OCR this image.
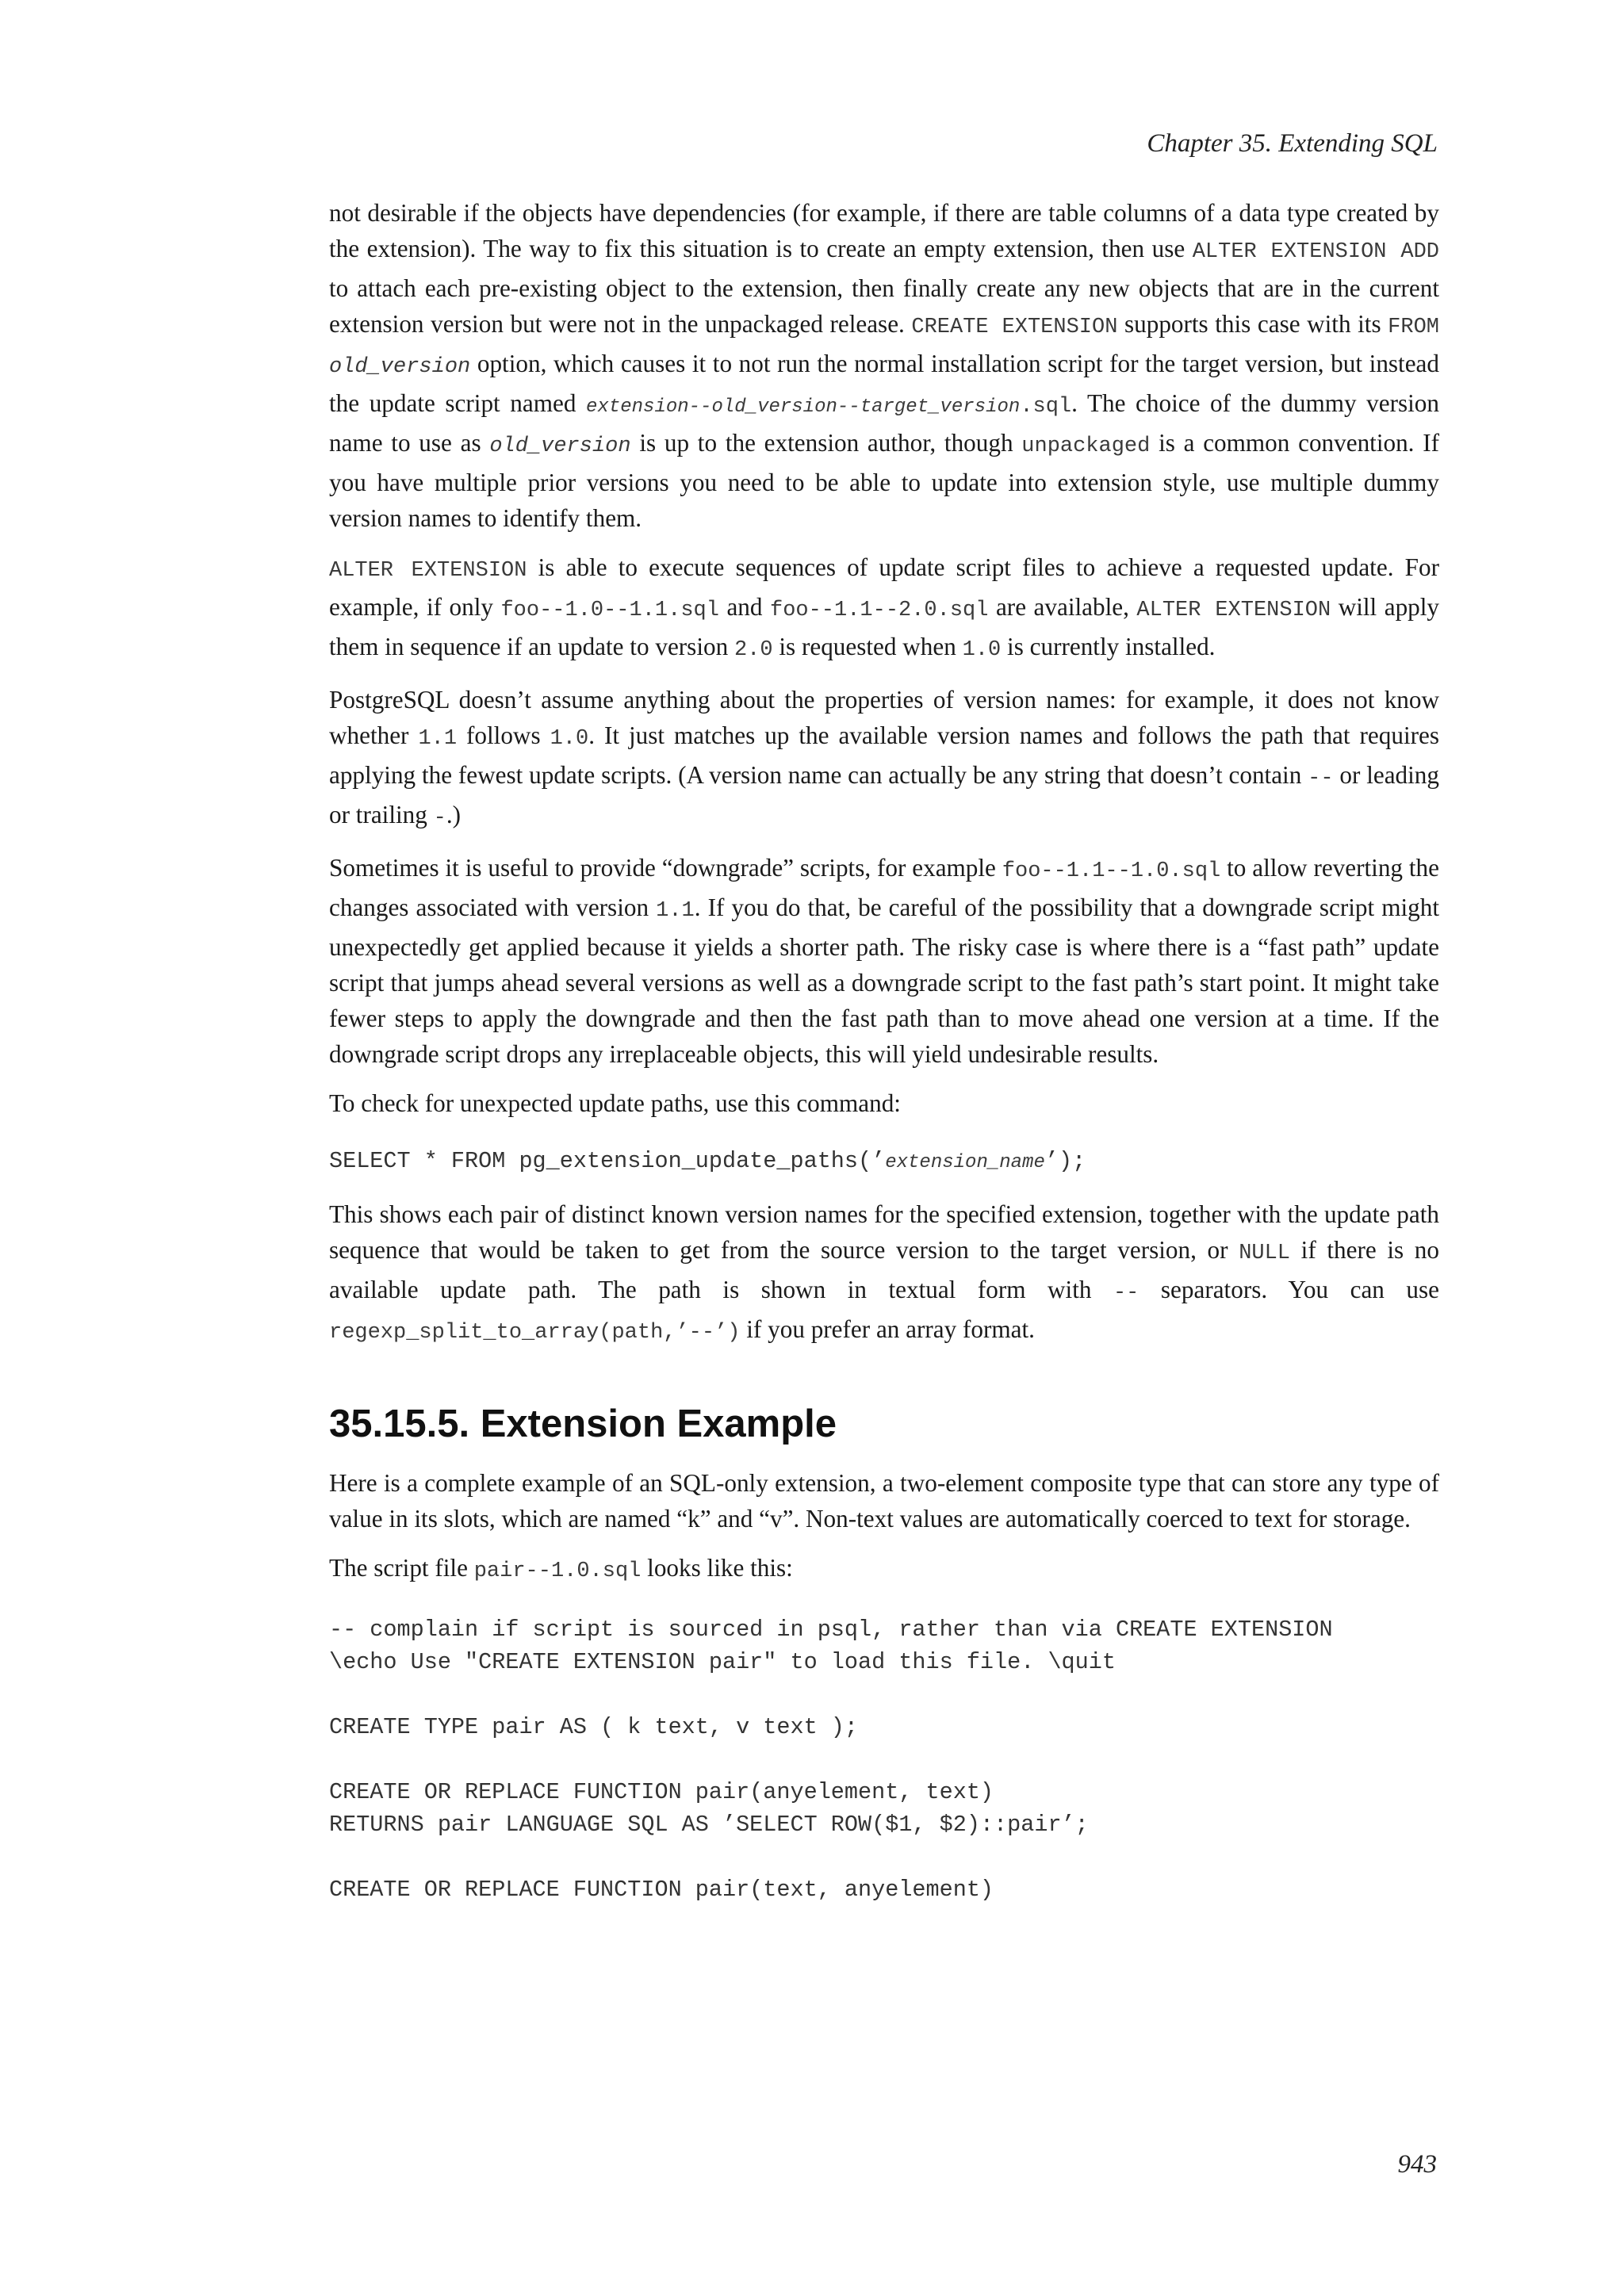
Chapter 35. Extending SQL

not desirable if the objects have dependencies (for example, if there are table columns of a data type created by the extension). The way to fix this situation is to create an empty extension, then use ALTER EXTENSION ADD to attach each pre-existing object to the extension, then finally create any new objects that are in the current extension version but were not in the unpackaged release. CREATE EXTENSION supports this case with its FROM old_version option, which causes it to not run the normal installation script for the target version, but instead the update script named extension--old_version--target_version.sql. The choice of the dummy version name to use as old_version is up to the extension author, though unpackaged is a common convention. If you have multiple prior versions you need to be able to update into extension style, use multiple dummy version names to identify them.

ALTER EXTENSION is able to execute sequences of update script files to achieve a requested update. For example, if only foo--1.0--1.1.sql and foo--1.1--2.0.sql are available, ALTER EXTENSION will apply them in sequence if an update to version 2.0 is requested when 1.0 is currently installed.

PostgreSQL doesn’t assume anything about the properties of version names: for example, it does not know whether 1.1 follows 1.0. It just matches up the available version names and follows the path that requires applying the fewest update scripts. (A version name can actually be any string that doesn’t contain -- or leading or trailing -.)

Sometimes it is useful to provide “downgrade” scripts, for example foo--1.1--1.0.sql to allow reverting the changes associated with version 1.1. If you do that, be careful of the possibility that a downgrade script might unexpectedly get applied because it yields a shorter path. The risky case is where there is a “fast path” update script that jumps ahead several versions as well as a downgrade script to the fast path’s start point. It might take fewer steps to apply the downgrade and then the fast path than to move ahead one version at a time. If the downgrade script drops any irreplaceable objects, this will yield undesirable results.

To check for unexpected update paths, use this command:

SELECT * FROM pg_extension_update_paths(’extension_name’);

This shows each pair of distinct known version names for the specified extension, together with the update path sequence that would be taken to get from the source version to the target version, or NULL if there is no available update path. The path is shown in textual form with -- separators. You can use regexp_split_to_array(path,’--’) if you prefer an array format.

35.15.5. Extension Example

Here is a complete example of an SQL-only extension, a two-element composite type that can store any type of value in its slots, which are named “k” and “v”. Non-text values are automatically coerced to text for storage.

The script file pair--1.0.sql looks like this:

-- complain if script is sourced in psql, rather than via CREATE EXTENSION
\echo Use "CREATE EXTENSION pair" to load this file. \quit
CREATE TYPE pair AS ( k text, v text );
CREATE OR REPLACE FUNCTION pair(anyelement, text)
RETURNS pair LANGUAGE SQL AS ’SELECT ROW($1, $2)::pair’;
CREATE OR REPLACE FUNCTION pair(text, anyelement)
943
